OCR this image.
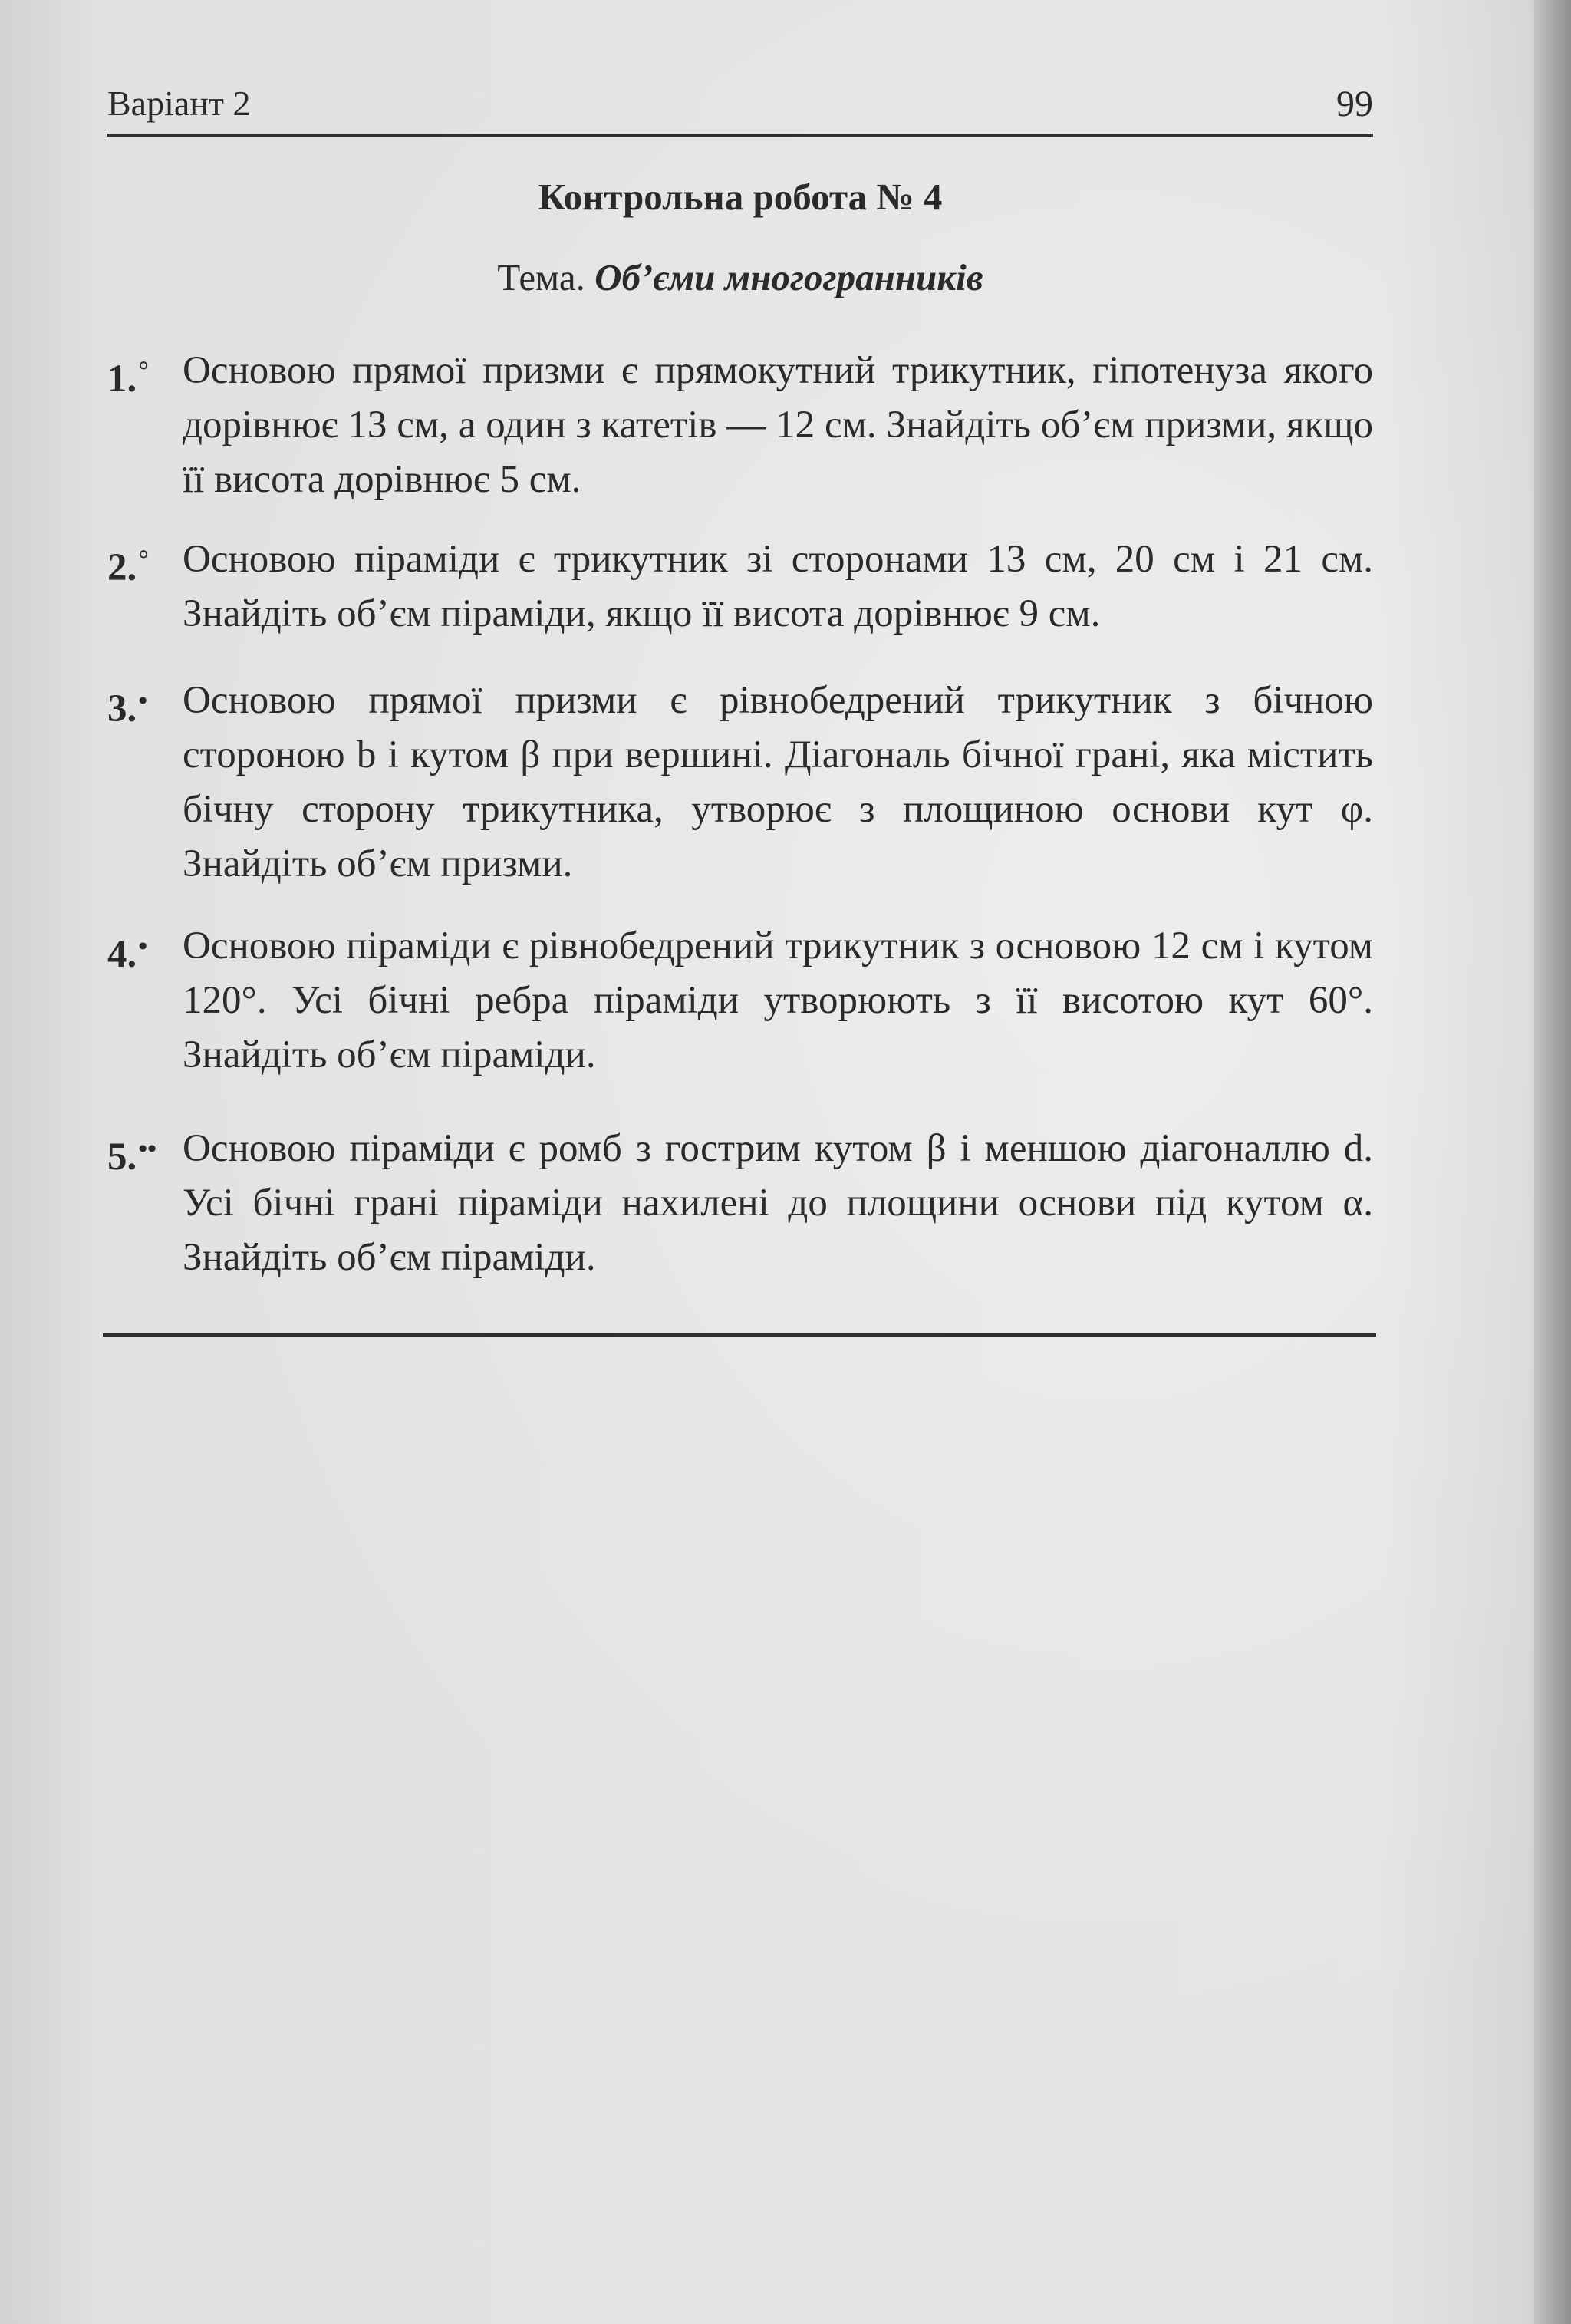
Варіант 2	99
Контрольна робота № 4
Тема. Об’єми многогранників
1.° Основою прямої призми є прямокутний трикутник, гіпотенуза якого дорівнює 13 см, а один з катетів — 12 см. Знайдіть об’єм призми, якщо її висота дорівнює 5 см.
2.° Основою піраміди є трикутник зі сторонами 13 см, 20 см і 21 см. Знайдіть об’єм піраміди, якщо її висота дорівнює 9 см.
3.• Основою прямої призми є рівнобедрений трикутник з бічною стороною b і кутом β при вершині. Діагональ бічної грані, яка містить бічну сторону трикутника, утворює з площиною основи кут φ. Знайдіть об’єм призми.
4.• Основою піраміди є рівнобедрений трикутник з основою 12 см і кутом 120°. Усі бічні ребра піраміди утворюють з її висотою кут 60°. Знайдіть об’єм піраміди.
5.•• Основою піраміди є ромб з гострим кутом β і меншою діагоналлю d. Усі бічні грані піраміди нахилені до площини основи під кутом α. Знайдіть об’єм піраміди.
